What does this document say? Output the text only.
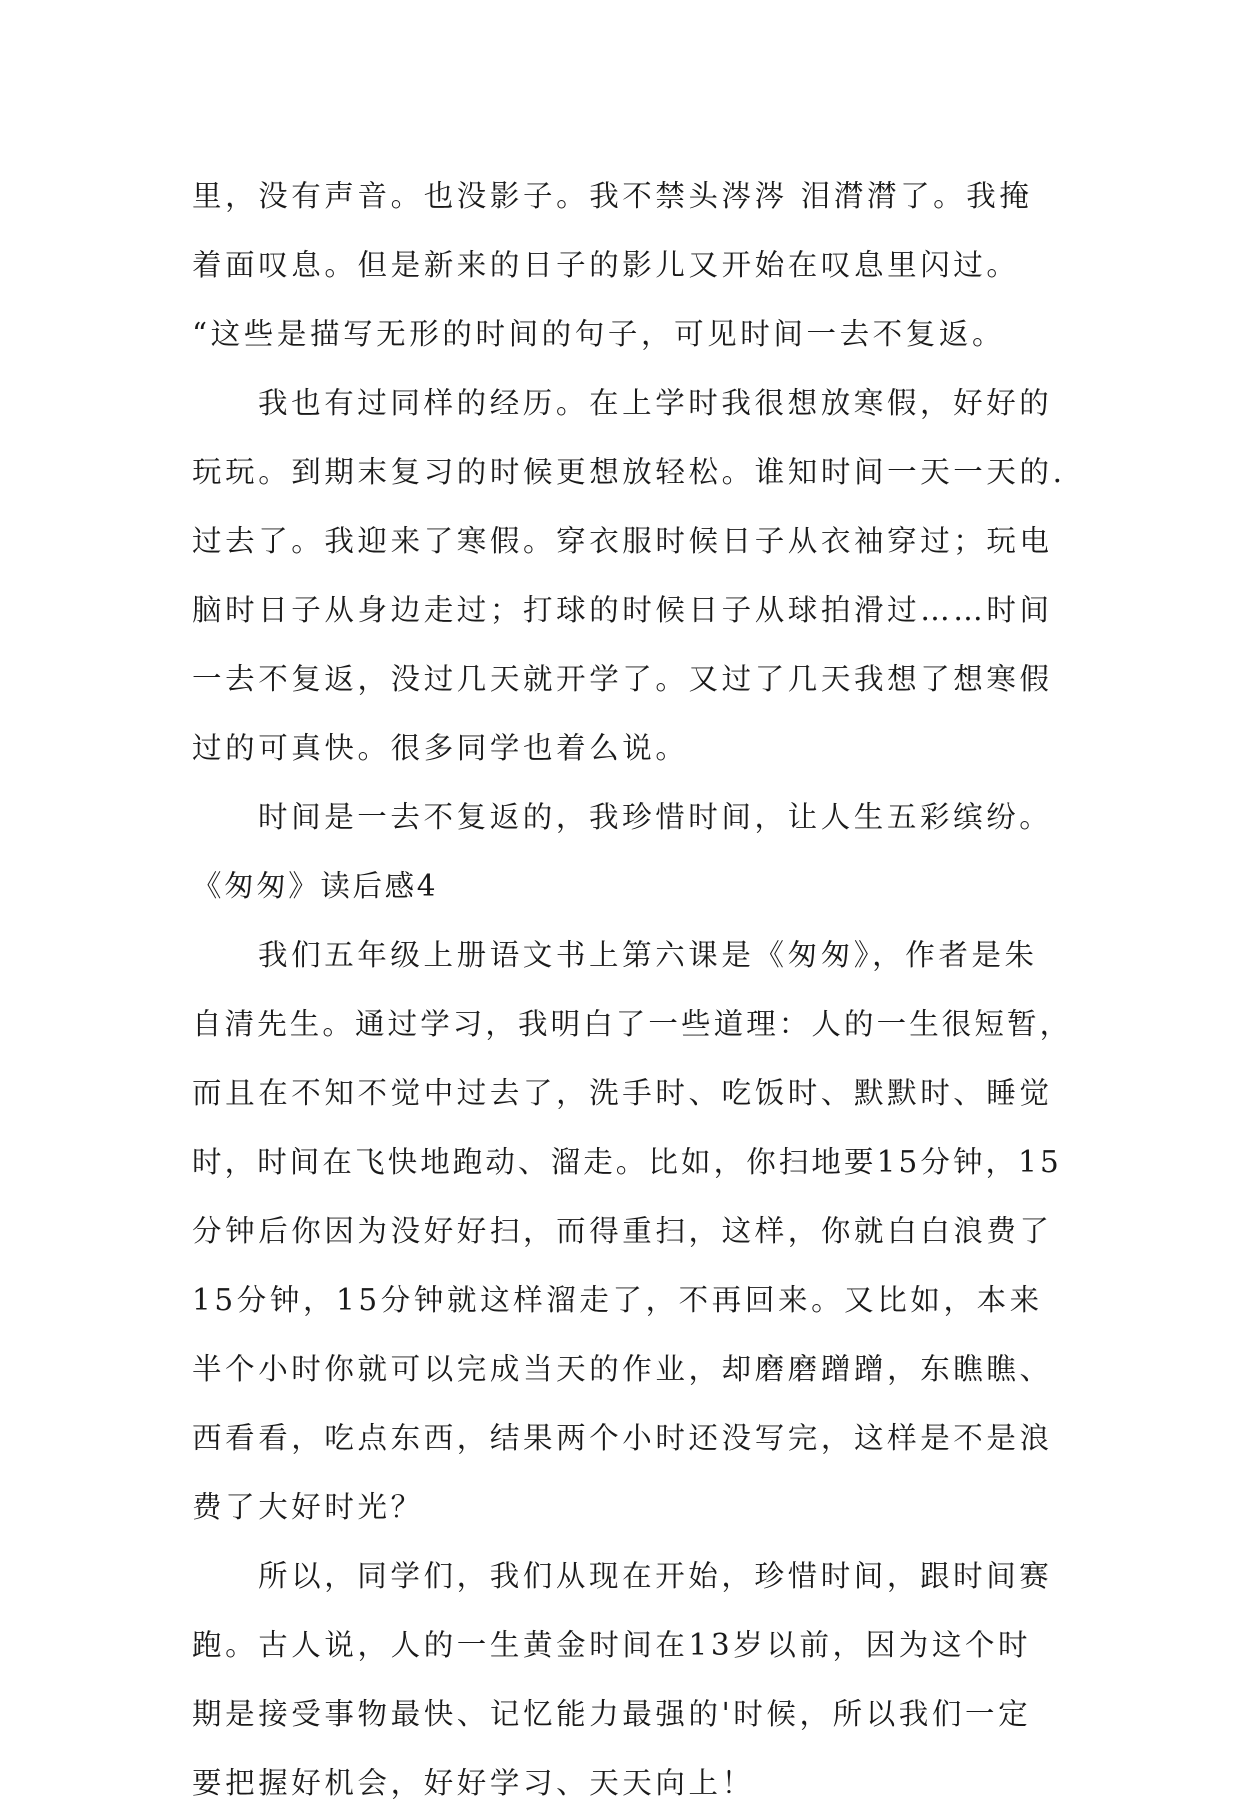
里，没有声音。也没影子。我不禁头涔涔 泪潸潸了。我掩
着面叹息。但是新来的日子的影儿又开始在叹息里闪过。
“这些是描写无形的时间的句子，可见时间一去不复返。
我也有过同样的经历。在上学时我很想放寒假，好好的
玩玩。到期末复习的时候更想放轻松。谁知时间一天一天的.
过去了。我迎来了寒假。穿衣服时候日子从衣袖穿过；玩电
脑时日子从身边走过；打球的时候日子从球拍滑过……时间
一去不复返，没过几天就开学了。又过了几天我想了想寒假
过的可真快。很多同学也着么说。
时间是一去不复返的，我珍惜时间，让人生五彩缤纷。
《匆匆》读后感4
我们五年级上册语文书上第六课是《匆匆》，作者是朱
自清先生。通过学习，我明白了一些道理：人的一生很短暂，
而且在不知不觉中过去了，洗手时、吃饭时、默默时、睡觉
时，时间在飞快地跑动、溜走。比如，你扫地要15分钟，15
分钟后你因为没好好扫，而得重扫，这样，你就白白浪费了
15分钟，15分钟就这样溜走了，不再回来。又比如，本来
半个小时你就可以完成当天的作业，却磨磨蹭蹭，东瞧瞧、
西看看，吃点东西，结果两个小时还没写完，这样是不是浪
费了大好时光？
所以，同学们，我们从现在开始，珍惜时间，跟时间赛
跑。古人说，人的一生黄金时间在13岁以前，因为这个时
期是接受事物最快、记忆能力最强的'时候，所以我们一定
要把握好机会，好好学习、天天向上！
